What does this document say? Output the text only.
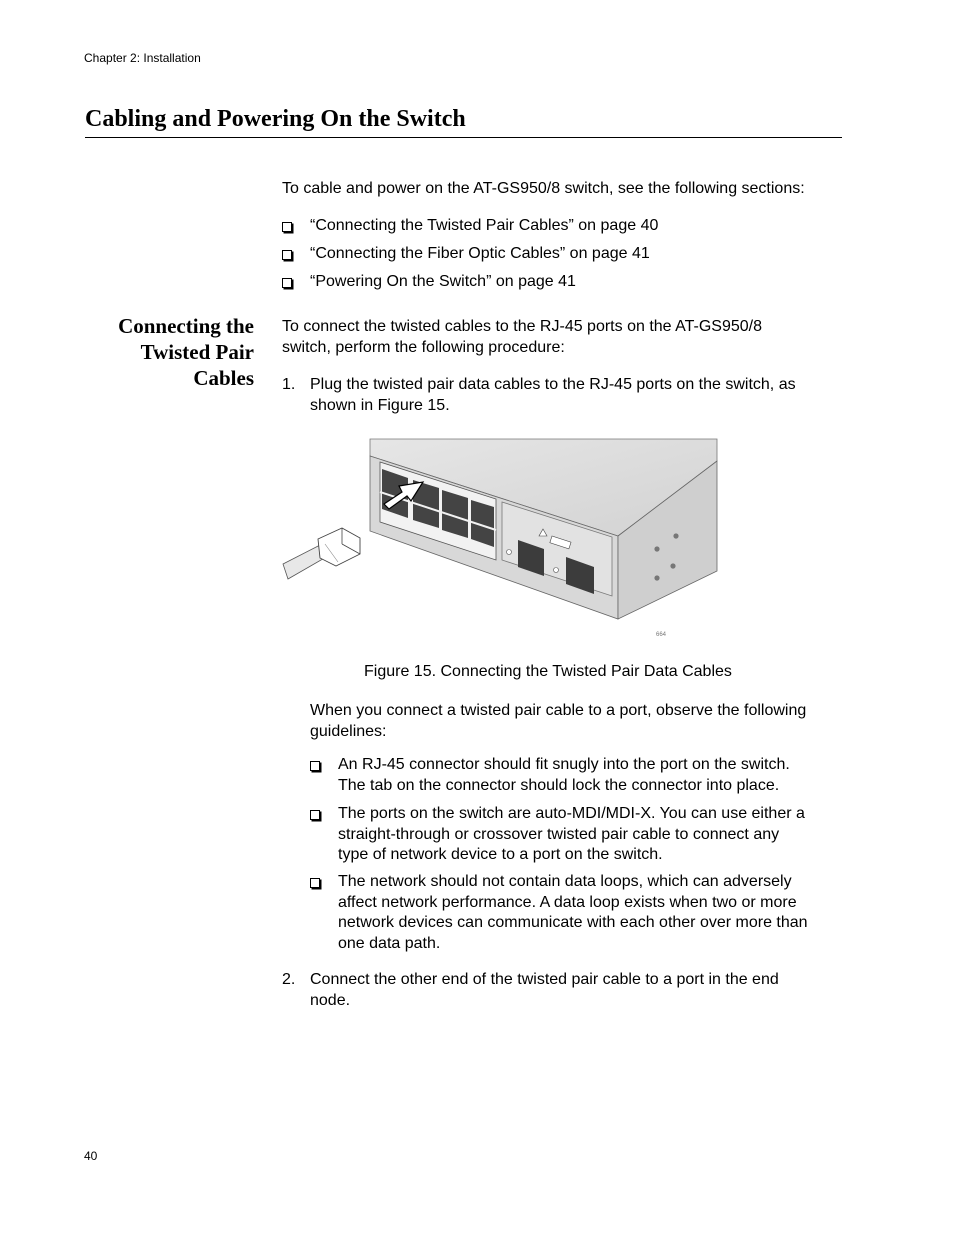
Chapter 2: Installation
Cabling and Powering On the Switch
To cable and power on the AT-GS950/8 switch, see the following sections:
“Connecting the Twisted Pair Cables” on page 40
“Connecting the Fiber Optic Cables” on page 41
“Powering On the Switch” on page 41
Connecting the
Twisted Pair
Cables
To connect the twisted cables to the RJ-45 ports on the AT-GS950/8
switch, perform the following procedure:
1. Plug the twisted pair data cables to the RJ-45 ports on the switch, as
shown in Figure 15.
664
Figure 15. Connecting the Twisted Pair Data Cables
When you connect a twisted pair cable to a port, observe the following
guidelines:
An RJ-45 connector should fit snugly into the port on the switch.
The tab on the connector should lock the connector into place.
The ports on the switch are auto-MDI/MDI-X. You can use either a
straight-through or crossover twisted pair cable to connect any
type of network device to a port on the switch.
The network should not contain data loops, which can adversely
affect network performance. A data loop exists when two or more
network devices can communicate with each other over more than
one data path.
2. Connect the other end of the twisted pair cable to a port in the end
node.
40
